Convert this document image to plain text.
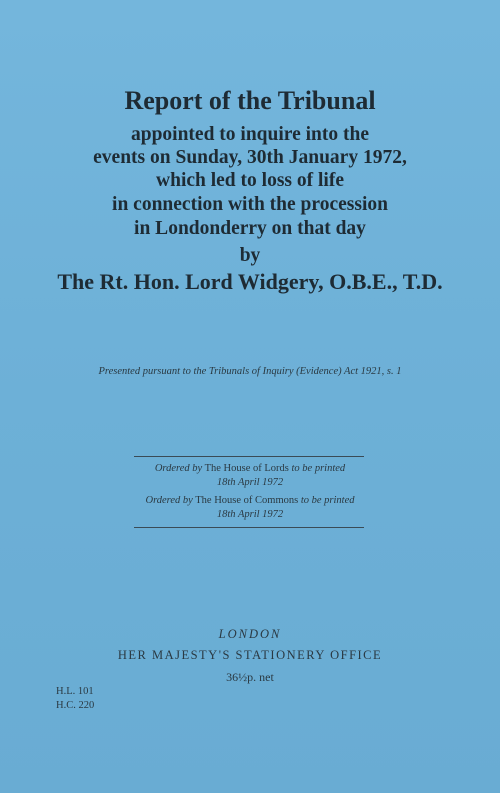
Report of the Tribunal
appointed to inquire into the
events on Sunday, 30th January 1972,
which led to loss of life
in connection with the procession
in Londonderry on that day
by
The Rt. Hon. Lord Widgery, O.B.E., T.D.
Presented pursuant to the Tribunals of Inquiry (Evidence) Act 1921, s. 1
Ordered by The House of Lords to be printed
18th April 1972
Ordered by The House of Commons to be printed
18th April 1972
LONDON
HER MAJESTY'S STATIONERY OFFICE
36½p. net
H.L. 101
H.C. 220
